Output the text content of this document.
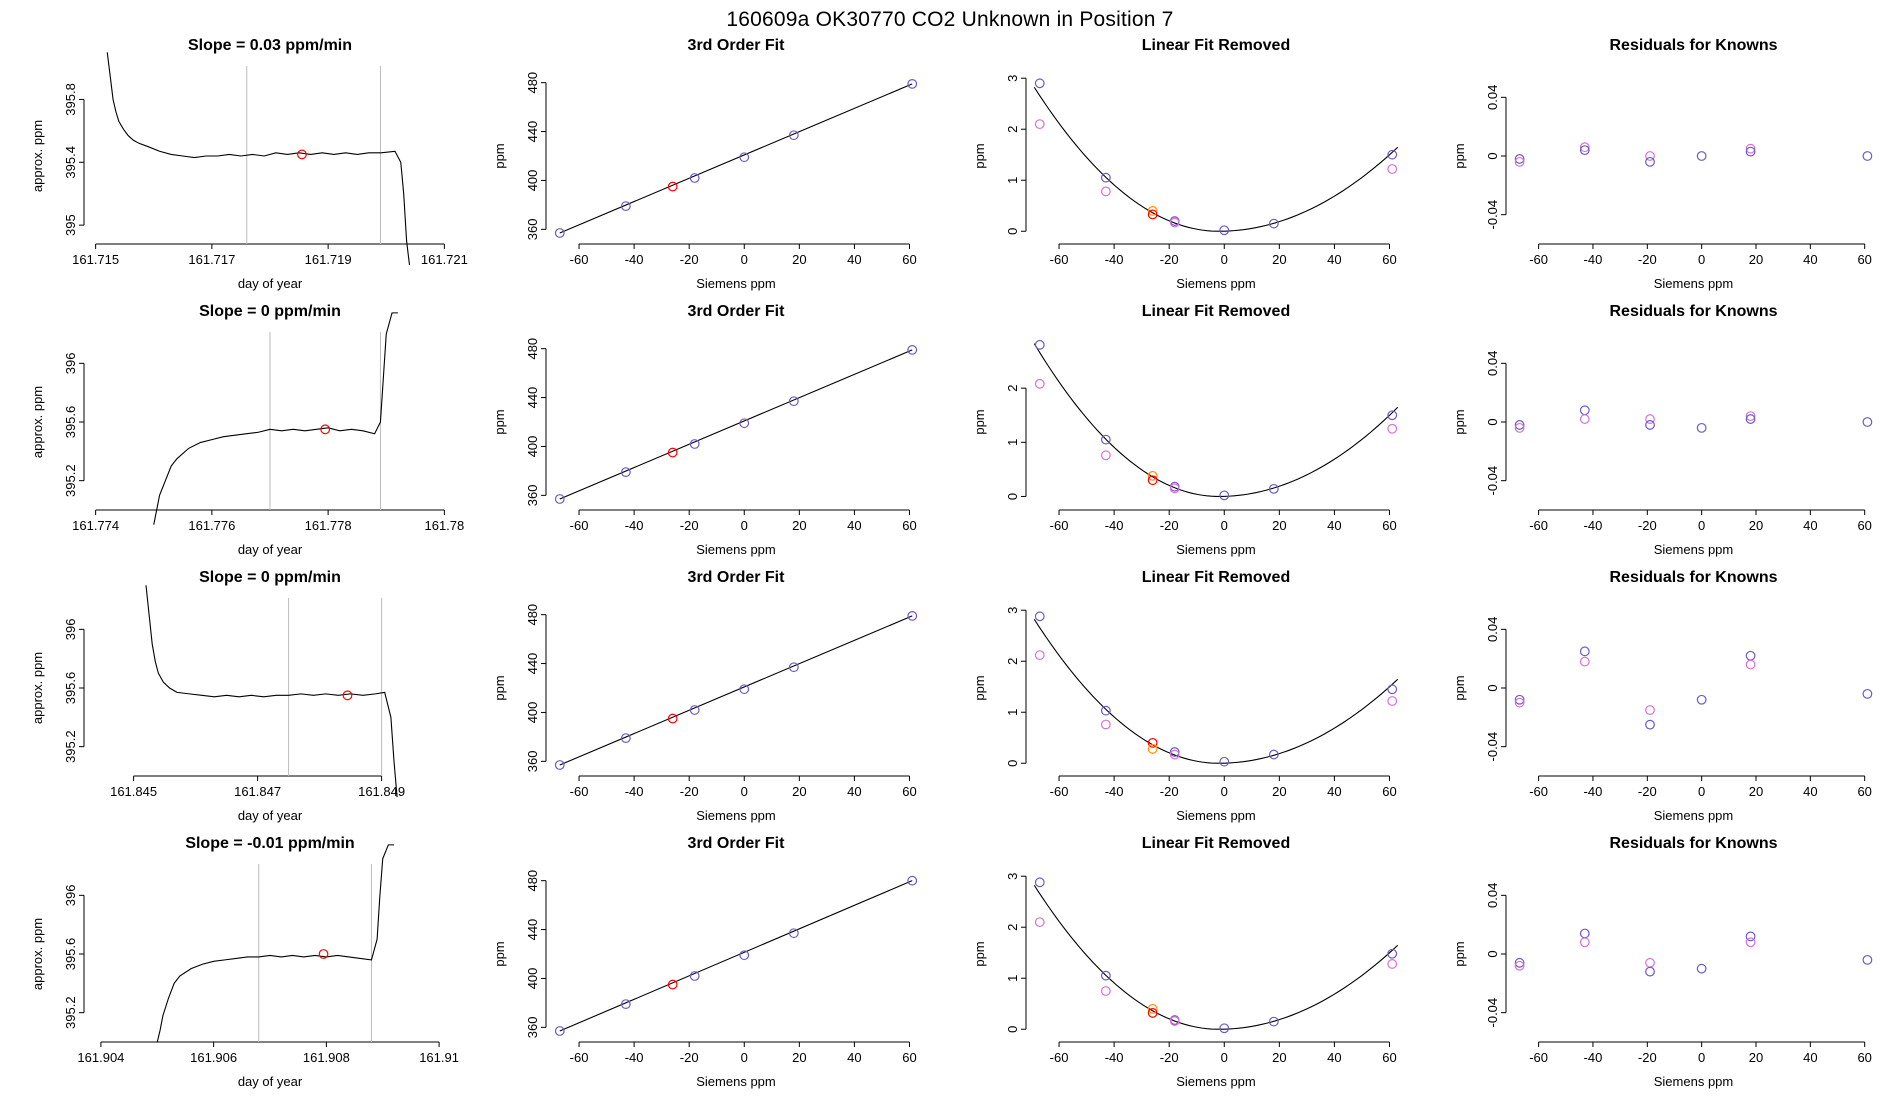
160609a OK30770 CO2 Unknown in Position 7
Slope = 0.03 ppm/min
161.715	161.717	161.719	161.721
395
395.4
395.8
day of year
approx. ppm
3rd Order Fit
-60	-40	-20	0	20	40	60
360
400
440
480
Siemens ppm
ppm
Linear Fit Removed
-60	-40	-20	0	20	40	60
0
1
2
3
Siemens ppm
ppm
Residuals for Knowns
-60	-40	-20	0	20	40	60
-0.04
0
0.04
Siemens ppm
ppm
Slope = 0 ppm/min
161.774	161.776	161.778	161.78
395.2
395.6
396
day of year
approx. ppm
3rd Order Fit
-60	-40	-20	0	20	40	60
360
400
440
480
Siemens ppm
ppm
Linear Fit Removed
-60	-40	-20	0	20	40	60
0
1
2
Siemens ppm
ppm
Residuals for Knowns
-60	-40	-20	0	20	40	60
-0.04
0
0.04
Siemens ppm
ppm
Slope = 0 ppm/min
161.845	161.847	161.849
395.2
395.6
396
day of year
approx. ppm
3rd Order Fit
-60	-40	-20	0	20	40	60
360
400
440
480
Siemens ppm
ppm
Linear Fit Removed
-60	-40	-20	0	20	40	60
0
1
2
3
Siemens ppm
ppm
Residuals for Knowns
-60	-40	-20	0	20	40	60
-0.04
0
0.04
Siemens ppm
ppm
Slope = -0.01 ppm/min
161.904	161.906	161.908	161.91
395.2
395.6
396
day of year
approx. ppm
3rd Order Fit
-60	-40	-20	0	20	40	60
360
400
440
480
Siemens ppm
ppm
Linear Fit Removed
-60	-40	-20	0	20	40	60
0
1
2
3
Siemens ppm
ppm
Residuals for Knowns
-60	-40	-20	0	20	40	60
-0.04
0
0.04
Siemens ppm
ppm
